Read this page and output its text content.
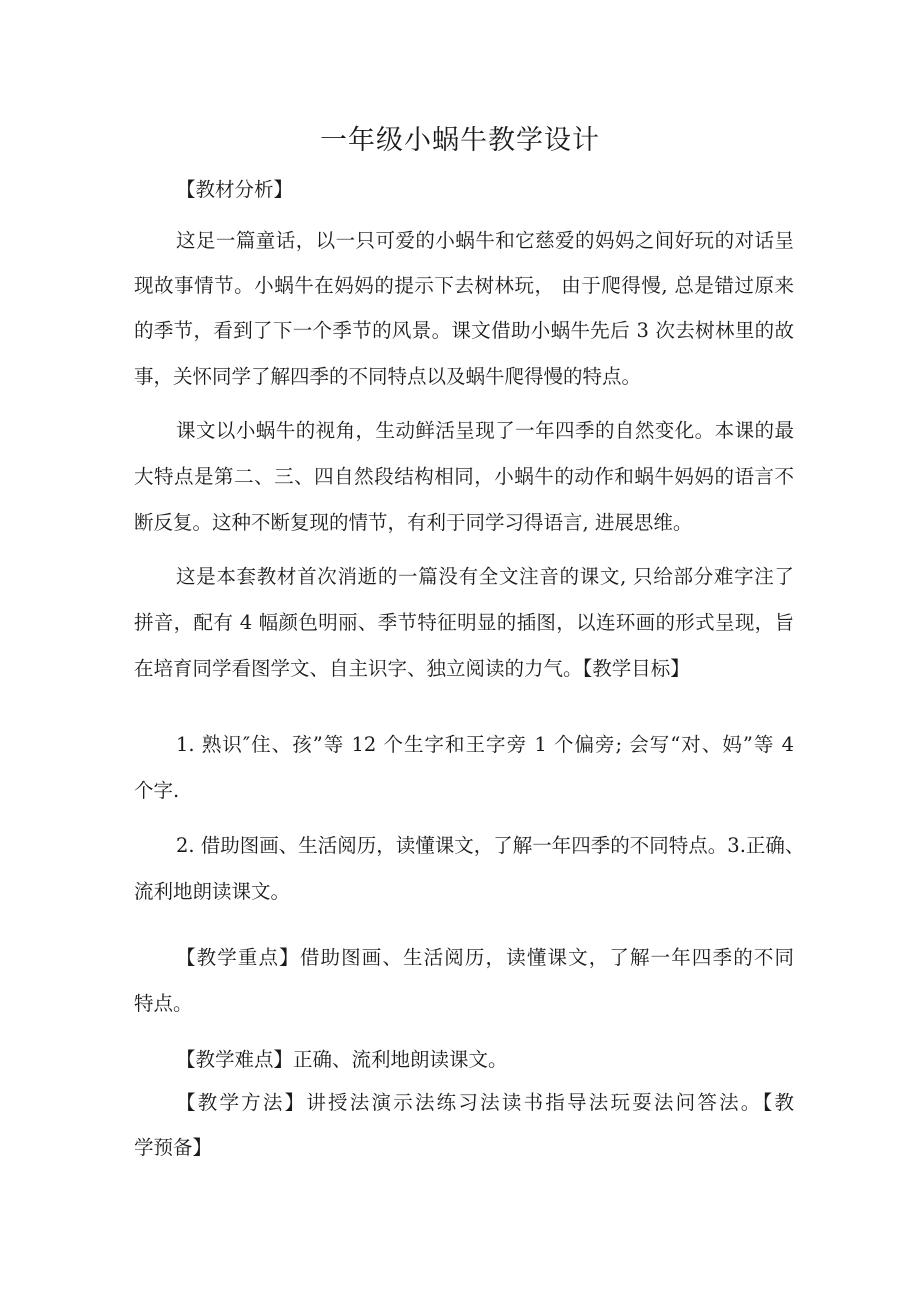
一年级小蜗牛教学设计
【教材分析】
这足一篇童话，以一只可爱的小蜗牛和它慈爱的妈妈之间好玩的对话呈
现故事情节。小蜗牛在妈妈的提示下去树林玩， 由于爬得慢, 总是错过原来
的季节，看到了下一个季节的风景。课文借助小蜗牛先后 3 次去树林里的故
事，关怀同学了解四季的不同特点以及蜗牛爬得慢的特点。
课文以小蜗牛的视角，生动鲜活呈现了一年四季的自然变化。本课的最
大特点是第二、三、四自然段结构相同，小蜗牛的动作和蜗牛妈妈的语言不
断反复。这种不断复现的情节，有利于同学习得语言, 进展思维。
这是本套教材首次消逝的一篇没有全文注音的课文, 只给部分难字注了
拼音，配有 4 幅颜色明丽、季节特征明显的插图，以连环画的形式呈现，旨
在培育同学看图学文、自主识字、独立阅读的力气。【教学目标】
1. 熟识″住、孩”等 12 个生字和王字旁 1 个偏旁; 会写“对、妈”等 4
个字.
2. 借助图画、生活阅历，读懂课文，了解一年四季的不同特点。3.正确、
流利地朗读课文。
【教学重点】借助图画、生活阅历，读懂课文，了解一年四季的不同
特点。
【教学难点】正确、流利地朗读课文。
【教学方法】讲授法演示法练习法读书指导法玩耍法问答法。【教
学预备】
